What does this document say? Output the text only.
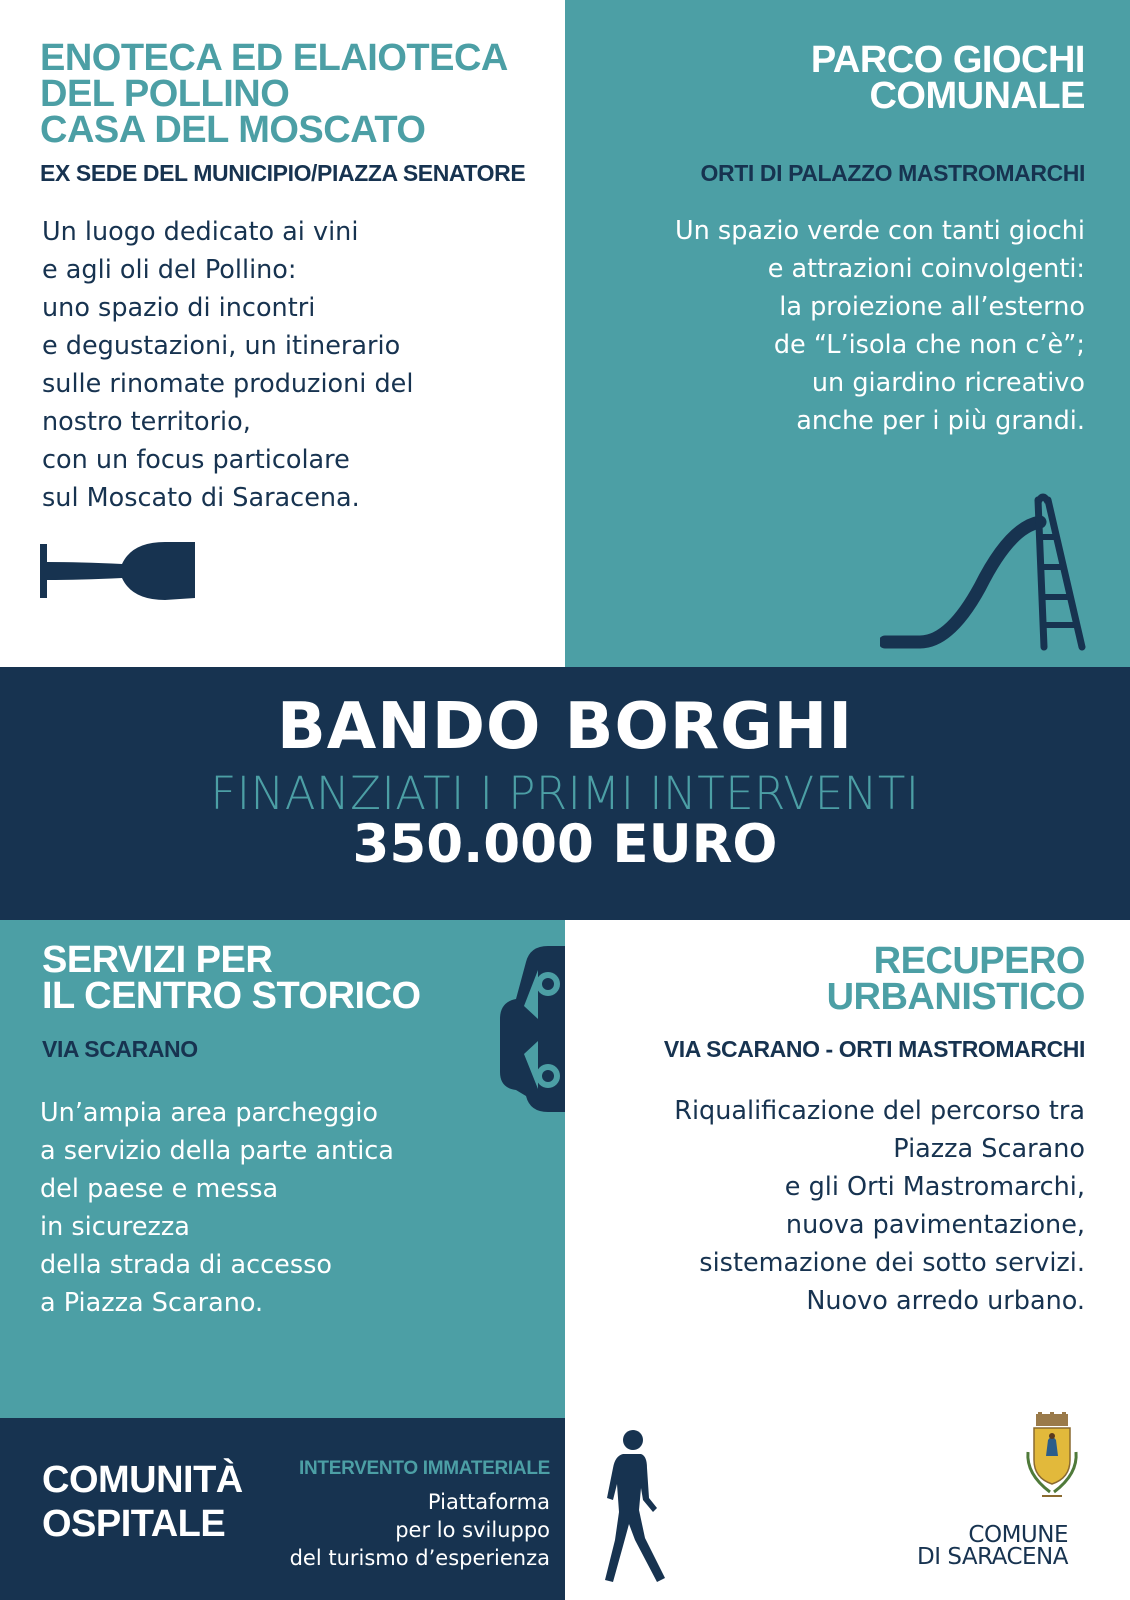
ENOTECA ED ELAIOTECA
DEL POLLINO
CASA DEL MOSCATO
EX SEDE DEL MUNICIPIO/PIAZZA SENATORE
Un luogo dedicato ai vini
e agli oli del Pollino:
uno spazio di incontri
e degustazioni, un itinerario
sulle rinomate produzioni del
nostro territorio,
con un focus particolare
sul Moscato di Saracena.
PARCO GIOCHI
COMUNALE
ORTI DI PALAZZO MASTROMARCHI
Un spazio verde con tanti giochi
e attrazioni coinvolgenti:
la proiezione all’esterno
de “L’isola che non c’è”;
un giardino ricreativo
anche per i più grandi.
BANDO BORGHI
FINANZIATI I PRIMI INTERVENTI
350.000 EURO
SERVIZI PER
IL CENTRO STORICO
VIA SCARANO
Un’ampia area parcheggio
a servizio della parte antica
del paese e messa
in sicurezza
della strada di accesso
a Piazza Scarano.
RECUPERO
URBANISTICO
VIA SCARANO - ORTI MASTROMARCHI
Riqualificazione del percorso tra
Piazza Scarano
e gli Orti Mastromarchi,
nuova pavimentazione,
sistemazione dei sotto servizi.
Nuovo arredo urbano.
COMUNE
DI SARACENA
COMUNITÀ
OSPITALE
INTERVENTO IMMATERIALE
Piattaforma
per lo sviluppo
del turismo d’esperienza
